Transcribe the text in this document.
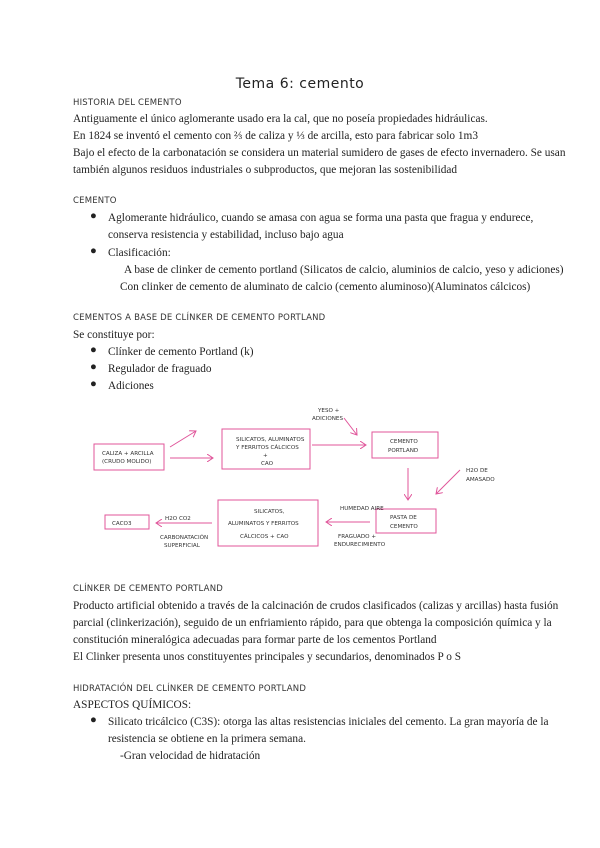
Tema 6: cemento
HISTORIA DEL CEMENTO
Antiguamente el único aglomerante usado era la cal, que no poseía propiedades hidráulicas.
En 1824 se inventó el cemento con ⅔ de caliza y ⅓ de arcilla, esto para fabricar solo 1m3
Bajo el efecto de la carbonatación se considera un material sumidero de gases de efecto invernadero. Se usan
también algunos residuos industriales o subproductos, que mejoran las sostenibilidad
CEMENTO
● Aglomerante hidráulico, cuando se amasa con agua se forma una pasta que fragua y endurece,
conserva resistencia y estabilidad, incluso bajo agua
● Clasificación:
A base de clinker de cemento portland (Silicatos de calcio, aluminios de calcio, yeso y adiciones)
Con clinker de cemento de aluminato de calcio (cemento aluminoso)(Aluminatos cálcicos)
CEMENTOS A BASE DE CLÍNKER DE CEMENTO PORTLAND
Se constituye por:
● Clínker de cemento Portland (k)
● Regulador de fraguado
● Adiciones
CALIZA + ARCILLA
(CRUDO MOLIDO)
SILICATOS, ALUMINATOS
Y FERRITOS CÁLCICOS
+
CAO
CEMENTO
PORTLAND
PASTA DE
CEMENTO
SILICATOS,
ALUMINATOS Y FERRITOS
CÁLCICOS + CAO
CACO3
YESO +
ADICIONES
H2O DE
AMASADO
HUMEDAD AIRE
FRAGUADO +
ENDURECIMIENTO
H2O CO2
CARBONATACIÓN
SUPERFICIAL
CLÍNKER DE CEMENTO PORTLAND
Producto artificial obtenido a través de la calcinación de crudos clasificados (calizas y arcillas) hasta fusión
parcial (clinkerización), seguido de un enfriamiento rápido, para que obtenga la composición química y la
constitución mineralógica adecuadas para formar parte de los cementos Portland
El Clinker presenta unos constituyentes principales y secundarios, denominados P o S
HIDRATACIÓN DEL CLÍNKER DE CEMENTO PORTLAND
ASPECTOS QUÍMICOS:
● Silicato tricálcico (C3S): otorga las altas resistencias iniciales del cemento. La gran mayoría de la
resistencia se obtiene en la primera semana.
-Gran velocidad de hidratación
